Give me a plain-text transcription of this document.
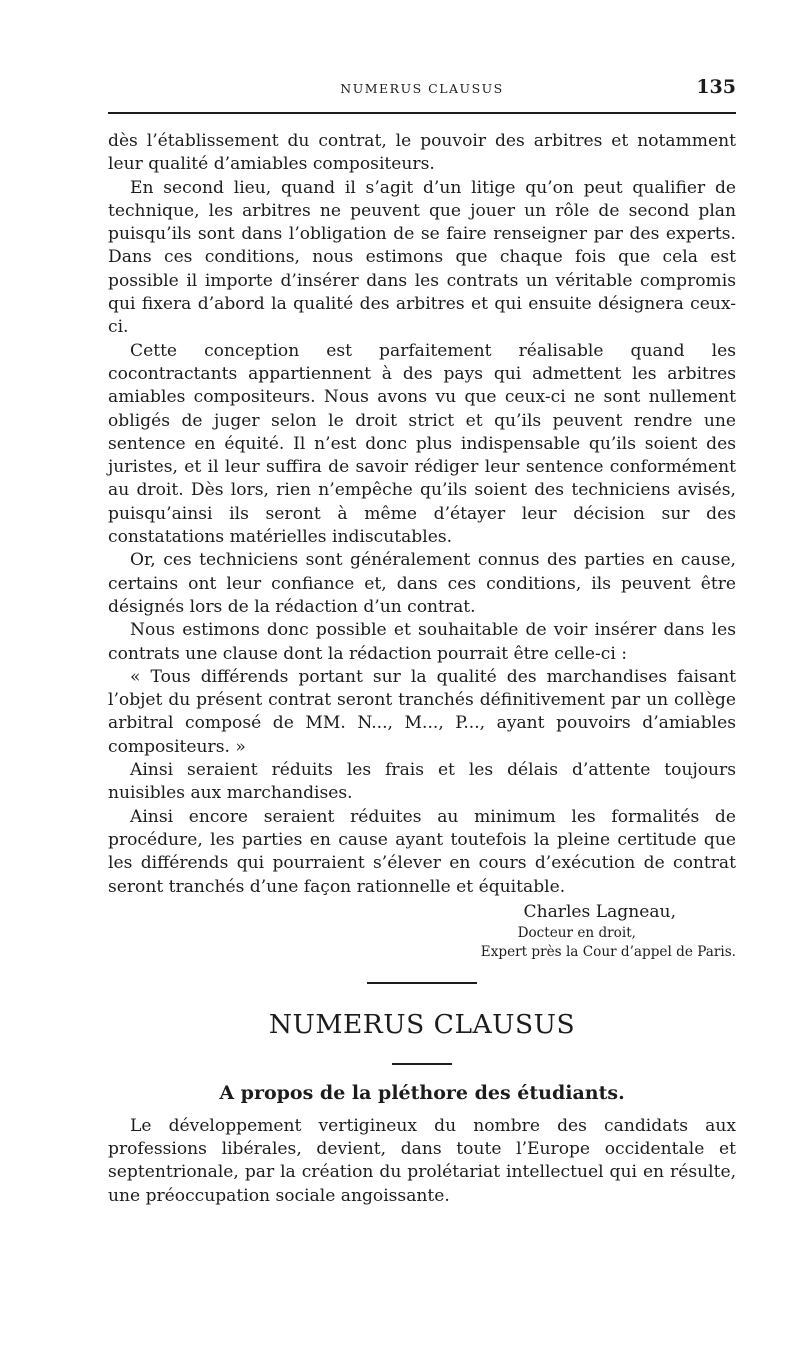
NUMERUS CLAUSUS	135

dès l’établissement du contrat, le pouvoir des arbitres et notamment leur qualité d’amiables compositeurs.

En second lieu, quand il s’agit d’un litige qu’on peut qualifier de technique, les arbitres ne peuvent que jouer un rôle de second plan puisqu’ils sont dans l’obligation de se faire renseigner par des experts. Dans ces conditions, nous estimons que chaque fois que cela est possible il importe d’insérer dans les contrats un véritable compromis qui fixera d’abord la qualité des arbitres et qui ensuite désignera ceux-ci.

Cette conception est parfaitement réalisable quand les cocontractants appartiennent à des pays qui admettent les arbitres amiables compositeurs. Nous avons vu que ceux-ci ne sont nullement obligés de juger selon le droit strict et qu’ils peuvent rendre une sentence en équité. Il n’est donc plus indispensable qu’ils soient des juristes, et il leur suffira de savoir rédiger leur sentence conformément au droit. Dès lors, rien n’empêche qu’ils soient des techniciens avisés, puisqu’ainsi ils seront à même d’étayer leur décision sur des constatations matérielles indiscutables.

Or, ces techniciens sont généralement connus des parties en cause, certains ont leur confiance et, dans ces conditions, ils peuvent être désignés lors de la rédaction d’un contrat.

Nous estimons donc possible et souhaitable de voir insérer dans les contrats une clause dont la rédaction pourrait être celle-ci :

« Tous différends portant sur la qualité des marchandises faisant l’objet du présent contrat seront tranchés définitivement par un collège arbitral composé de MM. N..., M..., P..., ayant pouvoirs d’amiables compositeurs. »

Ainsi seraient réduits les frais et les délais d’attente toujours nuisibles aux marchandises.

Ainsi encore seraient réduites au minimum les formalités de procédure, les parties en cause ayant toutefois la pleine certitude que les différends qui pourraient s’élever en cours d’exécution de contrat seront tranchés d’une façon rationnelle et équitable.

Charles Lagneau,
Docteur en droit,
Expert près la Cour d’appel de Paris.
NUMERUS CLAUSUS
A propos de la pléthore des étudiants.

Le développement vertigineux du nombre des candidats aux professions libérales, devient, dans toute l’Europe occidentale et septentrionale, par la création du prolétariat intellectuel qui en résulte, une préoccupation sociale angoissante.
